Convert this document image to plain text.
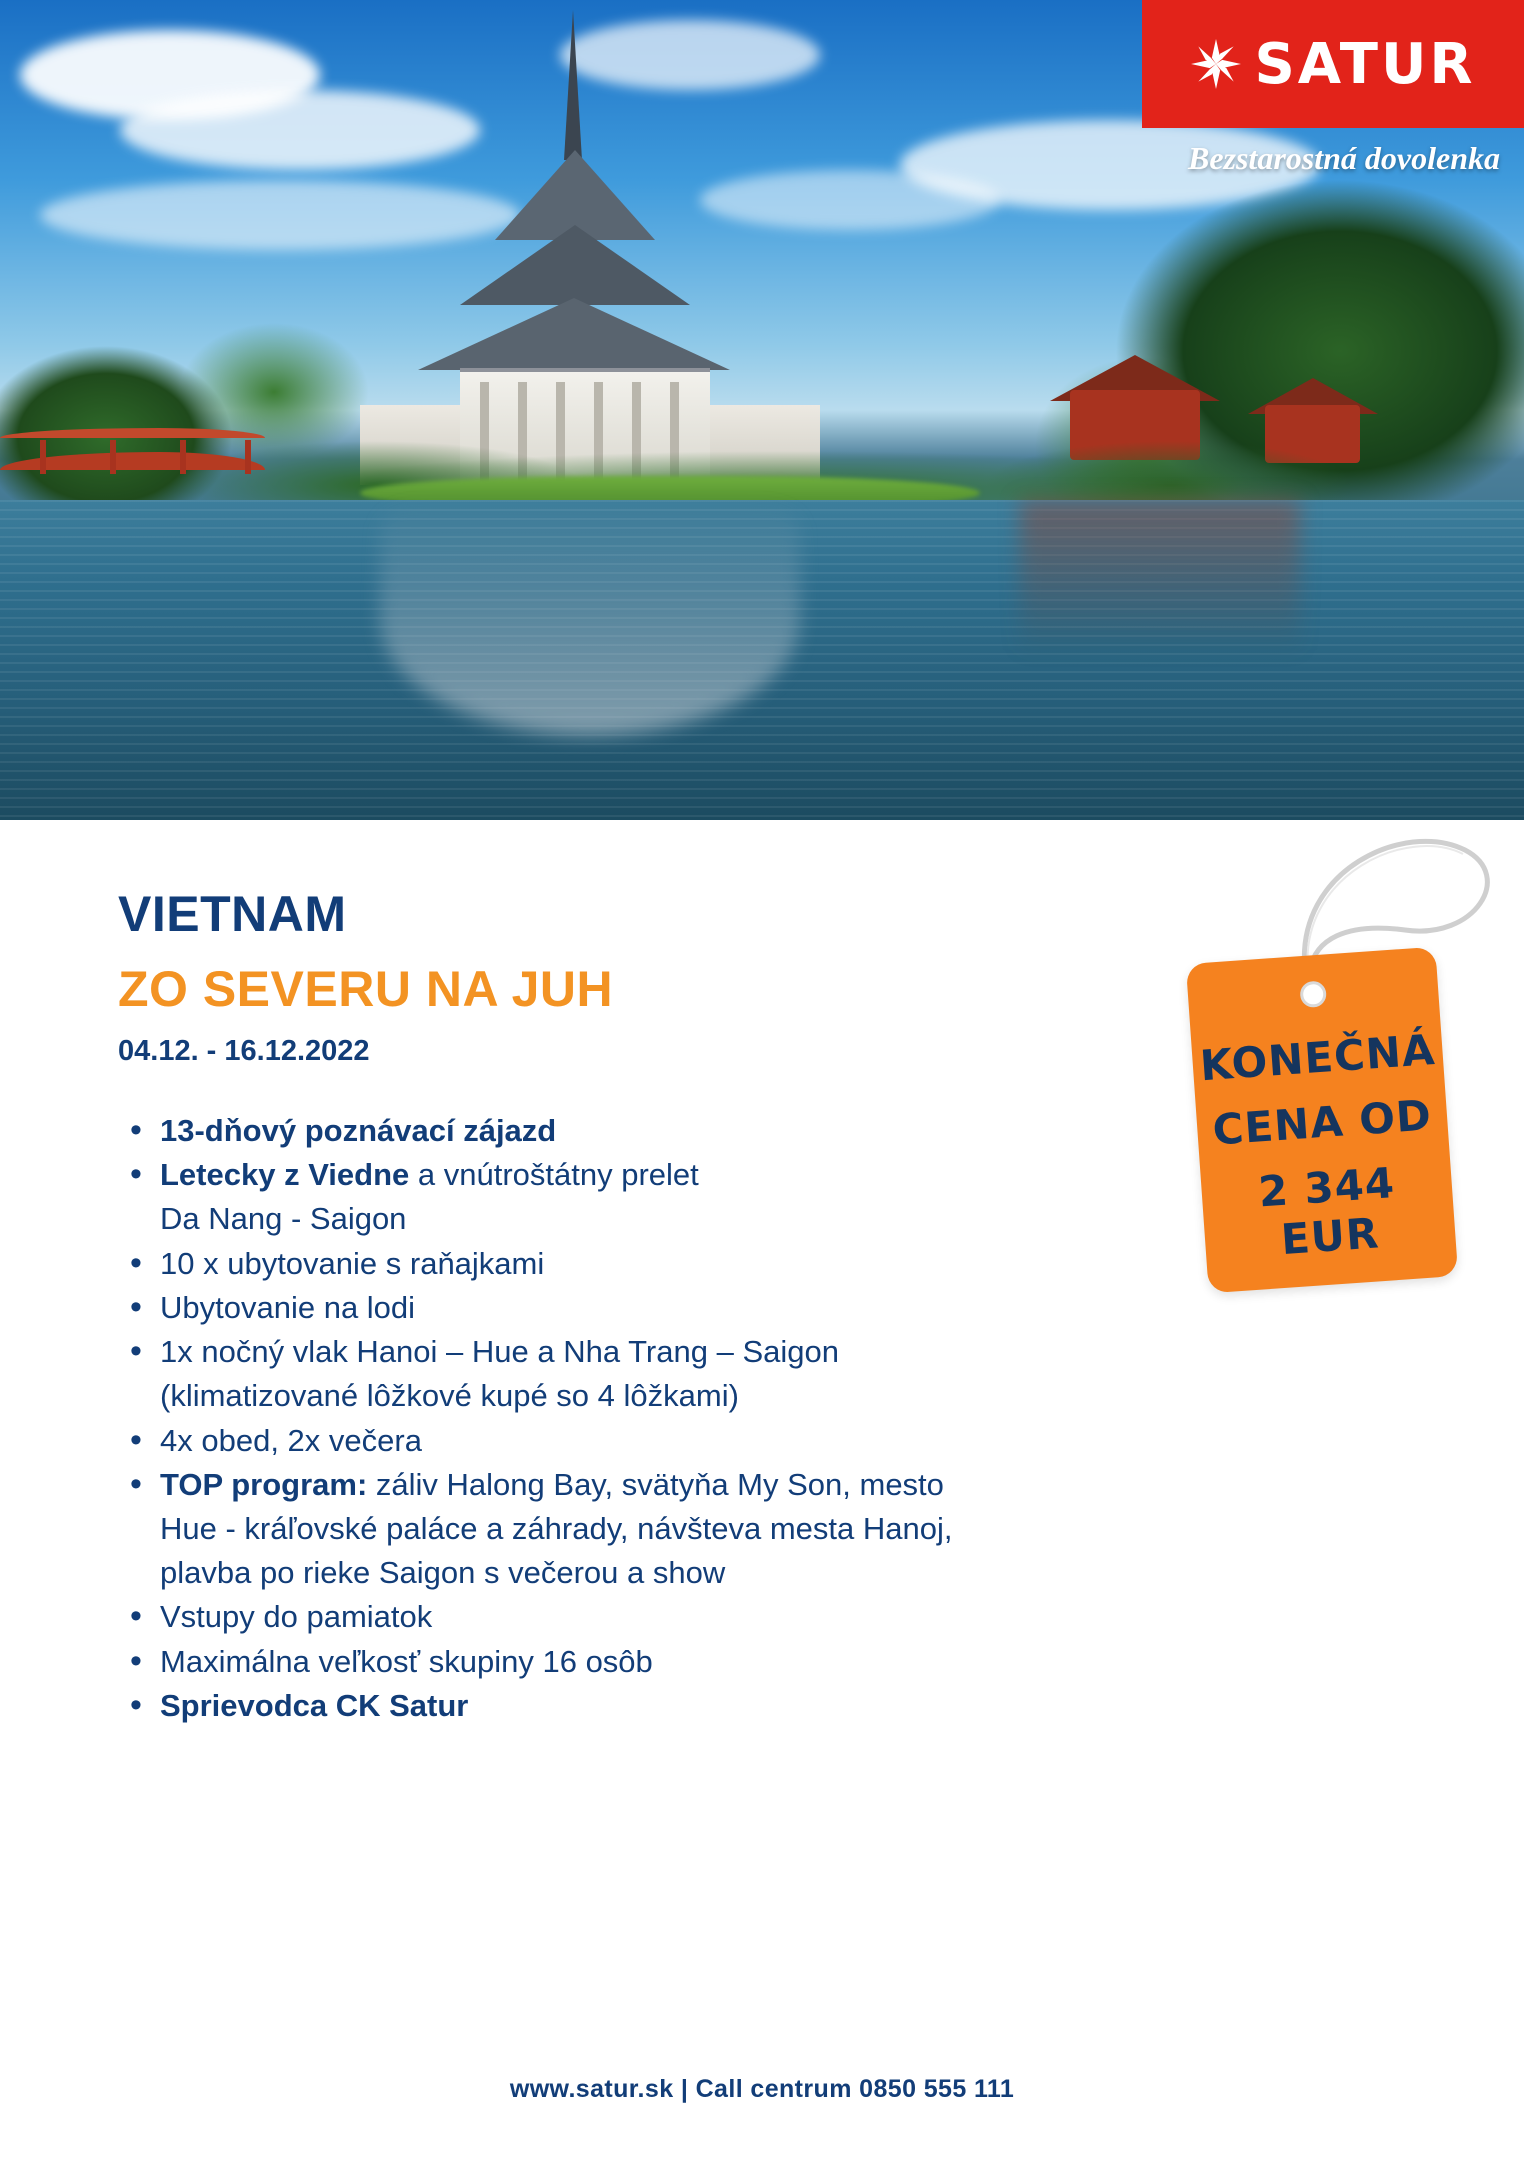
SATUR
Bezstarostná dovolenka
VIETNAM
ZO SEVERU NA JUH
04.12. - 16.12.2022
• 13-dňový poznávací zájazd
• Letecky z Viedne a vnútroštátny prelet
Da Nang - Saigon
• 10 x ubytovanie s raňajkami
• Ubytovanie na lodi
• 1x nočný vlak Hanoi – Hue a Nha Trang – Saigon
(klimatizované lôžkové kupé so 4 lôžkami)
• 4x obed, 2x večera
• TOP program: záliv Halong Bay, svätyňa My Son, mesto
Hue - kráľovské paláce a záhrady, návšteva mesta Hanoj,
plavba po rieke Saigon s večerou a show
• Vstupy do pamiatok
• Maximálna veľkosť skupiny 16 osôb
• Sprievodca CK Satur
KONEČNÁ
CENA OD
2 344 EUR
www.satur.sk | Call centrum 0850 555 111
